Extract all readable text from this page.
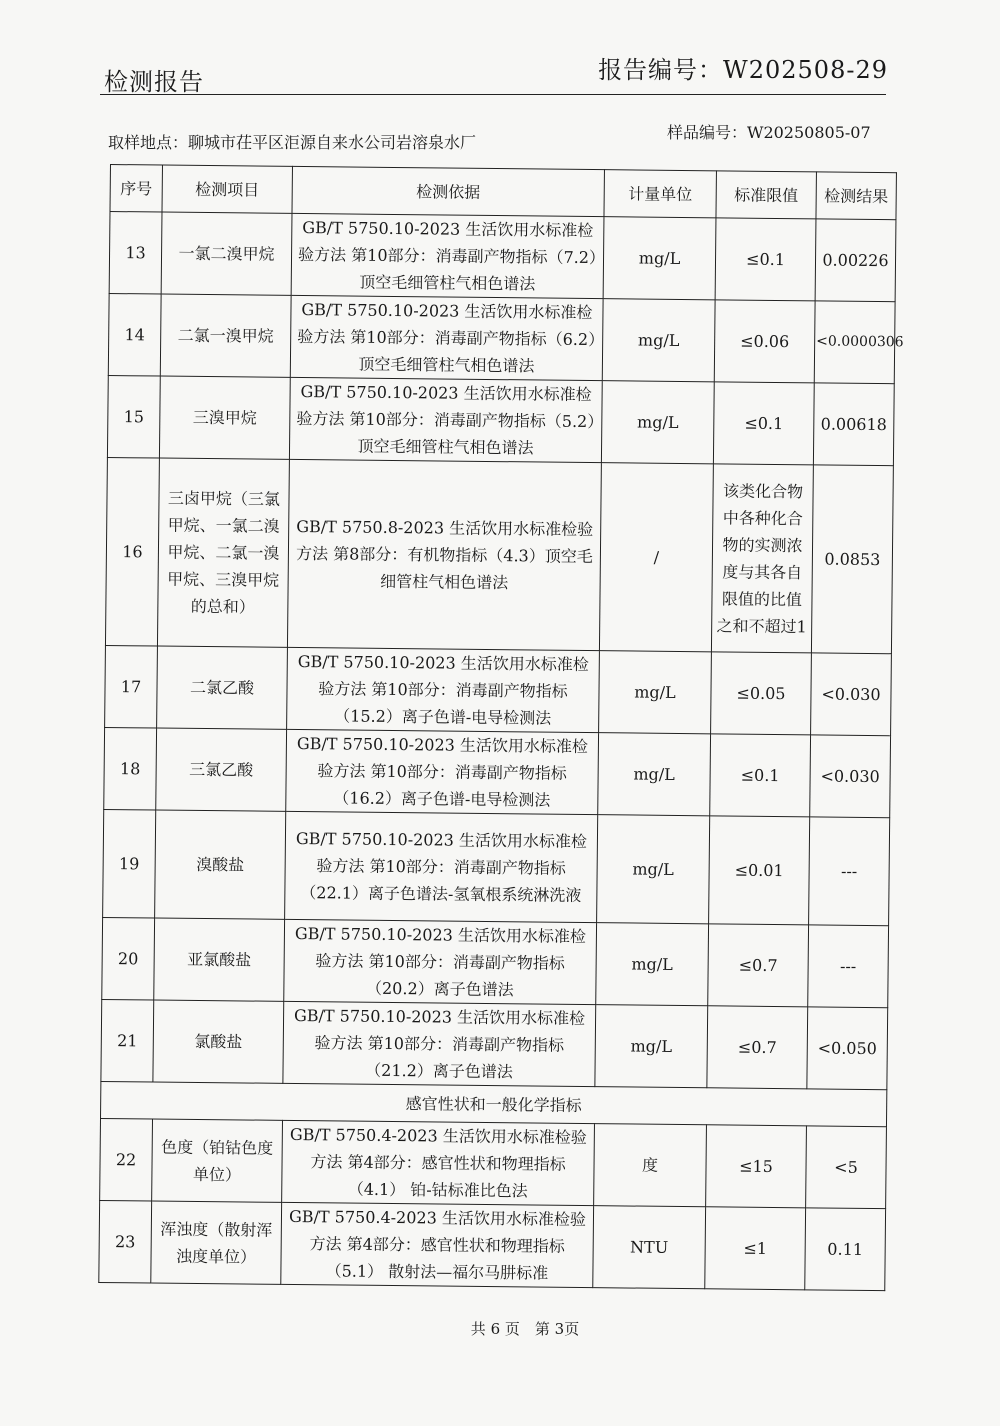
检测报告	报告编号：W202508-29
取样地点：聊城市茌平区洰源自来水公司岩溶泉水厂
样品编号：W20250805-07
序号	检测项目	检测依据	计量单位	标准限值	检测结果
13	一氯二溴甲烷	GB/T 5750.10-2023 生活饮用水标准检验方法 第10部分：消毒副产物指标（7.2）顶空毛细管柱气相色谱法	mg/L	≤0.1	0.00226
14	二氯一溴甲烷	GB/T 5750.10-2023 生活饮用水标准检验方法 第10部分：消毒副产物指标（6.2）顶空毛细管柱气相色谱法	mg/L	≤0.06	<0.0000306
15	三溴甲烷	GB/T 5750.10-2023 生活饮用水标准检验方法 第10部分：消毒副产物指标（5.2）顶空毛细管柱气相色谱法	mg/L	≤0.1	0.00618
16	三卤甲烷（三氯甲烷、一氯二溴甲烷、二氯一溴甲烷、三溴甲烷的总和）	GB/T 5750.8-2023 生活饮用水标准检验方法 第8部分：有机物指标（4.3）顶空毛细管柱气相色谱法	/	该类化合物中各种化合物的实测浓度与其各自限值的比值之和不超过1	0.0853
17	二氯乙酸	GB/T 5750.10-2023 生活饮用水标准检验方法 第10部分：消毒副产物指标（15.2）离子色谱-电导检测法	mg/L	≤0.05	<0.030
18	三氯乙酸	GB/T 5750.10-2023 生活饮用水标准检验方法 第10部分：消毒副产物指标（16.2）离子色谱-电导检测法	mg/L	≤0.1	<0.030
19	溴酸盐	GB/T 5750.10-2023 生活饮用水标准检验方法 第10部分：消毒副产物指标（22.1）离子色谱法-氢氧根系统淋洗液	mg/L	≤0.01	---
20	亚氯酸盐	GB/T 5750.10-2023 生活饮用水标准检验方法 第10部分：消毒副产物指标（20.2）离子色谱法	mg/L	≤0.7	---
21	氯酸盐	GB/T 5750.10-2023 生活饮用水标准检验方法 第10部分：消毒副产物指标（21.2）离子色谱法	mg/L	≤0.7	<0.050
感官性状和一般化学指标					
22	色度（铂钴色度单位）	GB/T 5750.4-2023 生活饮用水标准检验方法 第4部分：感官性状和物理指标（4.1） 铂-钴标准比色法	度	≤15	<5
23	浑浊度（散射浑浊度单位）	GB/T 5750.4-2023 生活饮用水标准检验方法 第4部分：感官性状和物理指标（5.1） 散射法—福尔马肼标准	NTU	≤1	0.11
共 6 页　第 3页
